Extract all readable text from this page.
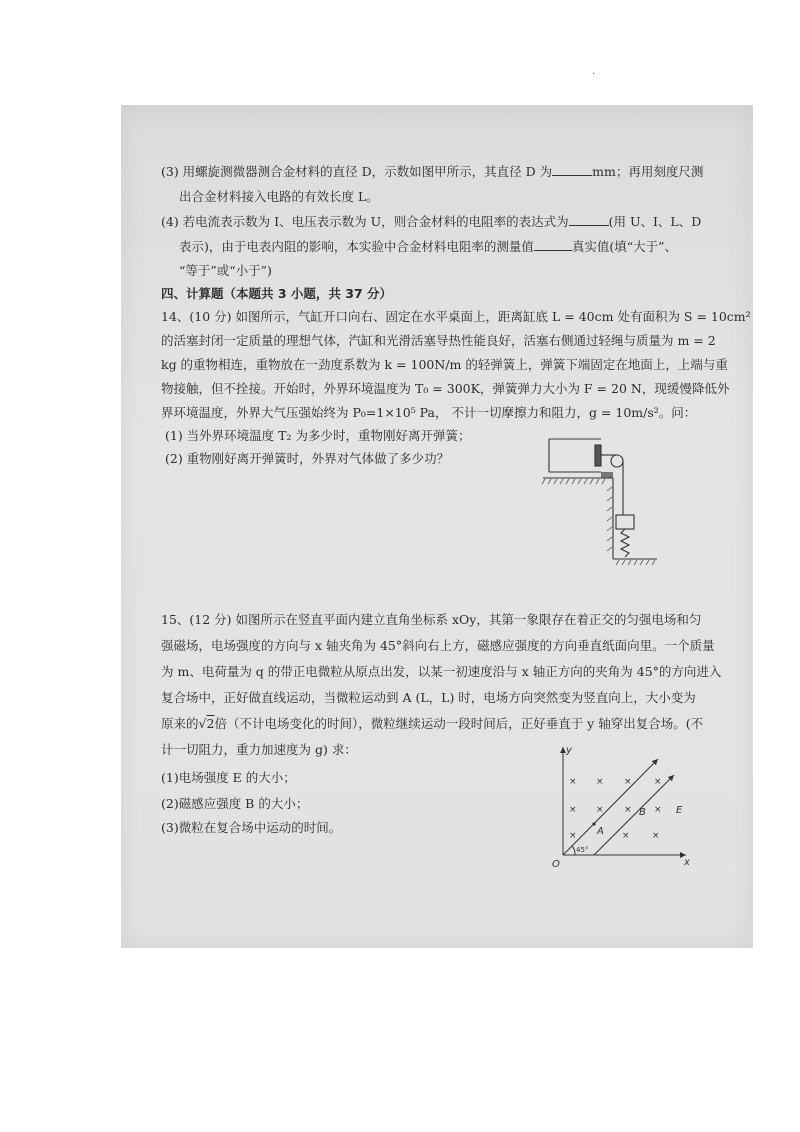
.
(3) 用螺旋测微器测合金材料的直径 D，示数如图甲所示，其直径 D 为	mm；再用刻度尺测
出合金材料接入电路的有效长度 L。
(4) 若电流表示数为 I、电压表示数为 U，则合金材料的电阻率的表达式为	(用 U、I、L、D
表示)，由于电表内阻的影响，本实验中合金材料电阻率的测量值	真实值(填“大于”、
“等于”或“小于”)
四、计算题（本题共 3 小题，共 37 分）
14、(10 分) 如图所示，气缸开口向右、固定在水平桌面上，距离缸底 L = 40cm 处有面积为 S = 10cm²
的活塞封闭一定质量的理想气体，汽缸和光滑活塞导热性能良好，活塞右侧通过轻绳与质量为 m = 2
kg 的重物相连，重物放在一劲度系数为 k = 100N/m 的轻弹簧上，弹簧下端固定在地面上，上端与重
物接触，但不拴接。开始时，外界环境温度为 T₀ = 300K，弹簧弹力大小为 F = 20 N，现缓慢降低外
界环境温度，外界大气压强始终为 P₀=1×10⁵ Pa， 不计一切摩擦力和阻力，g = 10m/s²。问：
(1) 当外界环境温度 T₂ 为多少时，重物刚好离开弹簧；
(2) 重物刚好离开弹簧时，外界对气体做了多少功？
15、(12 分) 如图所示在竖直平面内建立直角坐标系 xOy，其第一象限存在着正交的匀强电场和匀
强磁场，电场强度的方向与 x 轴夹角为 45°斜向右上方，磁感应强度的方向垂直纸面向里。一个质量
为 m、电荷量为 q 的带正电微粒从原点出发，以某一初速度沿与 x 轴正方向的夹角为 45°的方向进入
复合场中，正好做直线运动，当微粒运动到 A (L，L) 时，电场方向突然变为竖直向上，大小变为
原来的√2倍（不计电场变化的时间），微粒继续运动一段时间后，正好垂直于 y 轴穿出复合场。(不
计一切阻力，重力加速度为 g) 求：
(1)电场强度 E 的大小；
(2)磁感应强度 B 的大小；
(3)微粒在复合场中运动的时间。
y
x
O
B	E
A
45°
× × × ×
× × × ×
×	× ×
